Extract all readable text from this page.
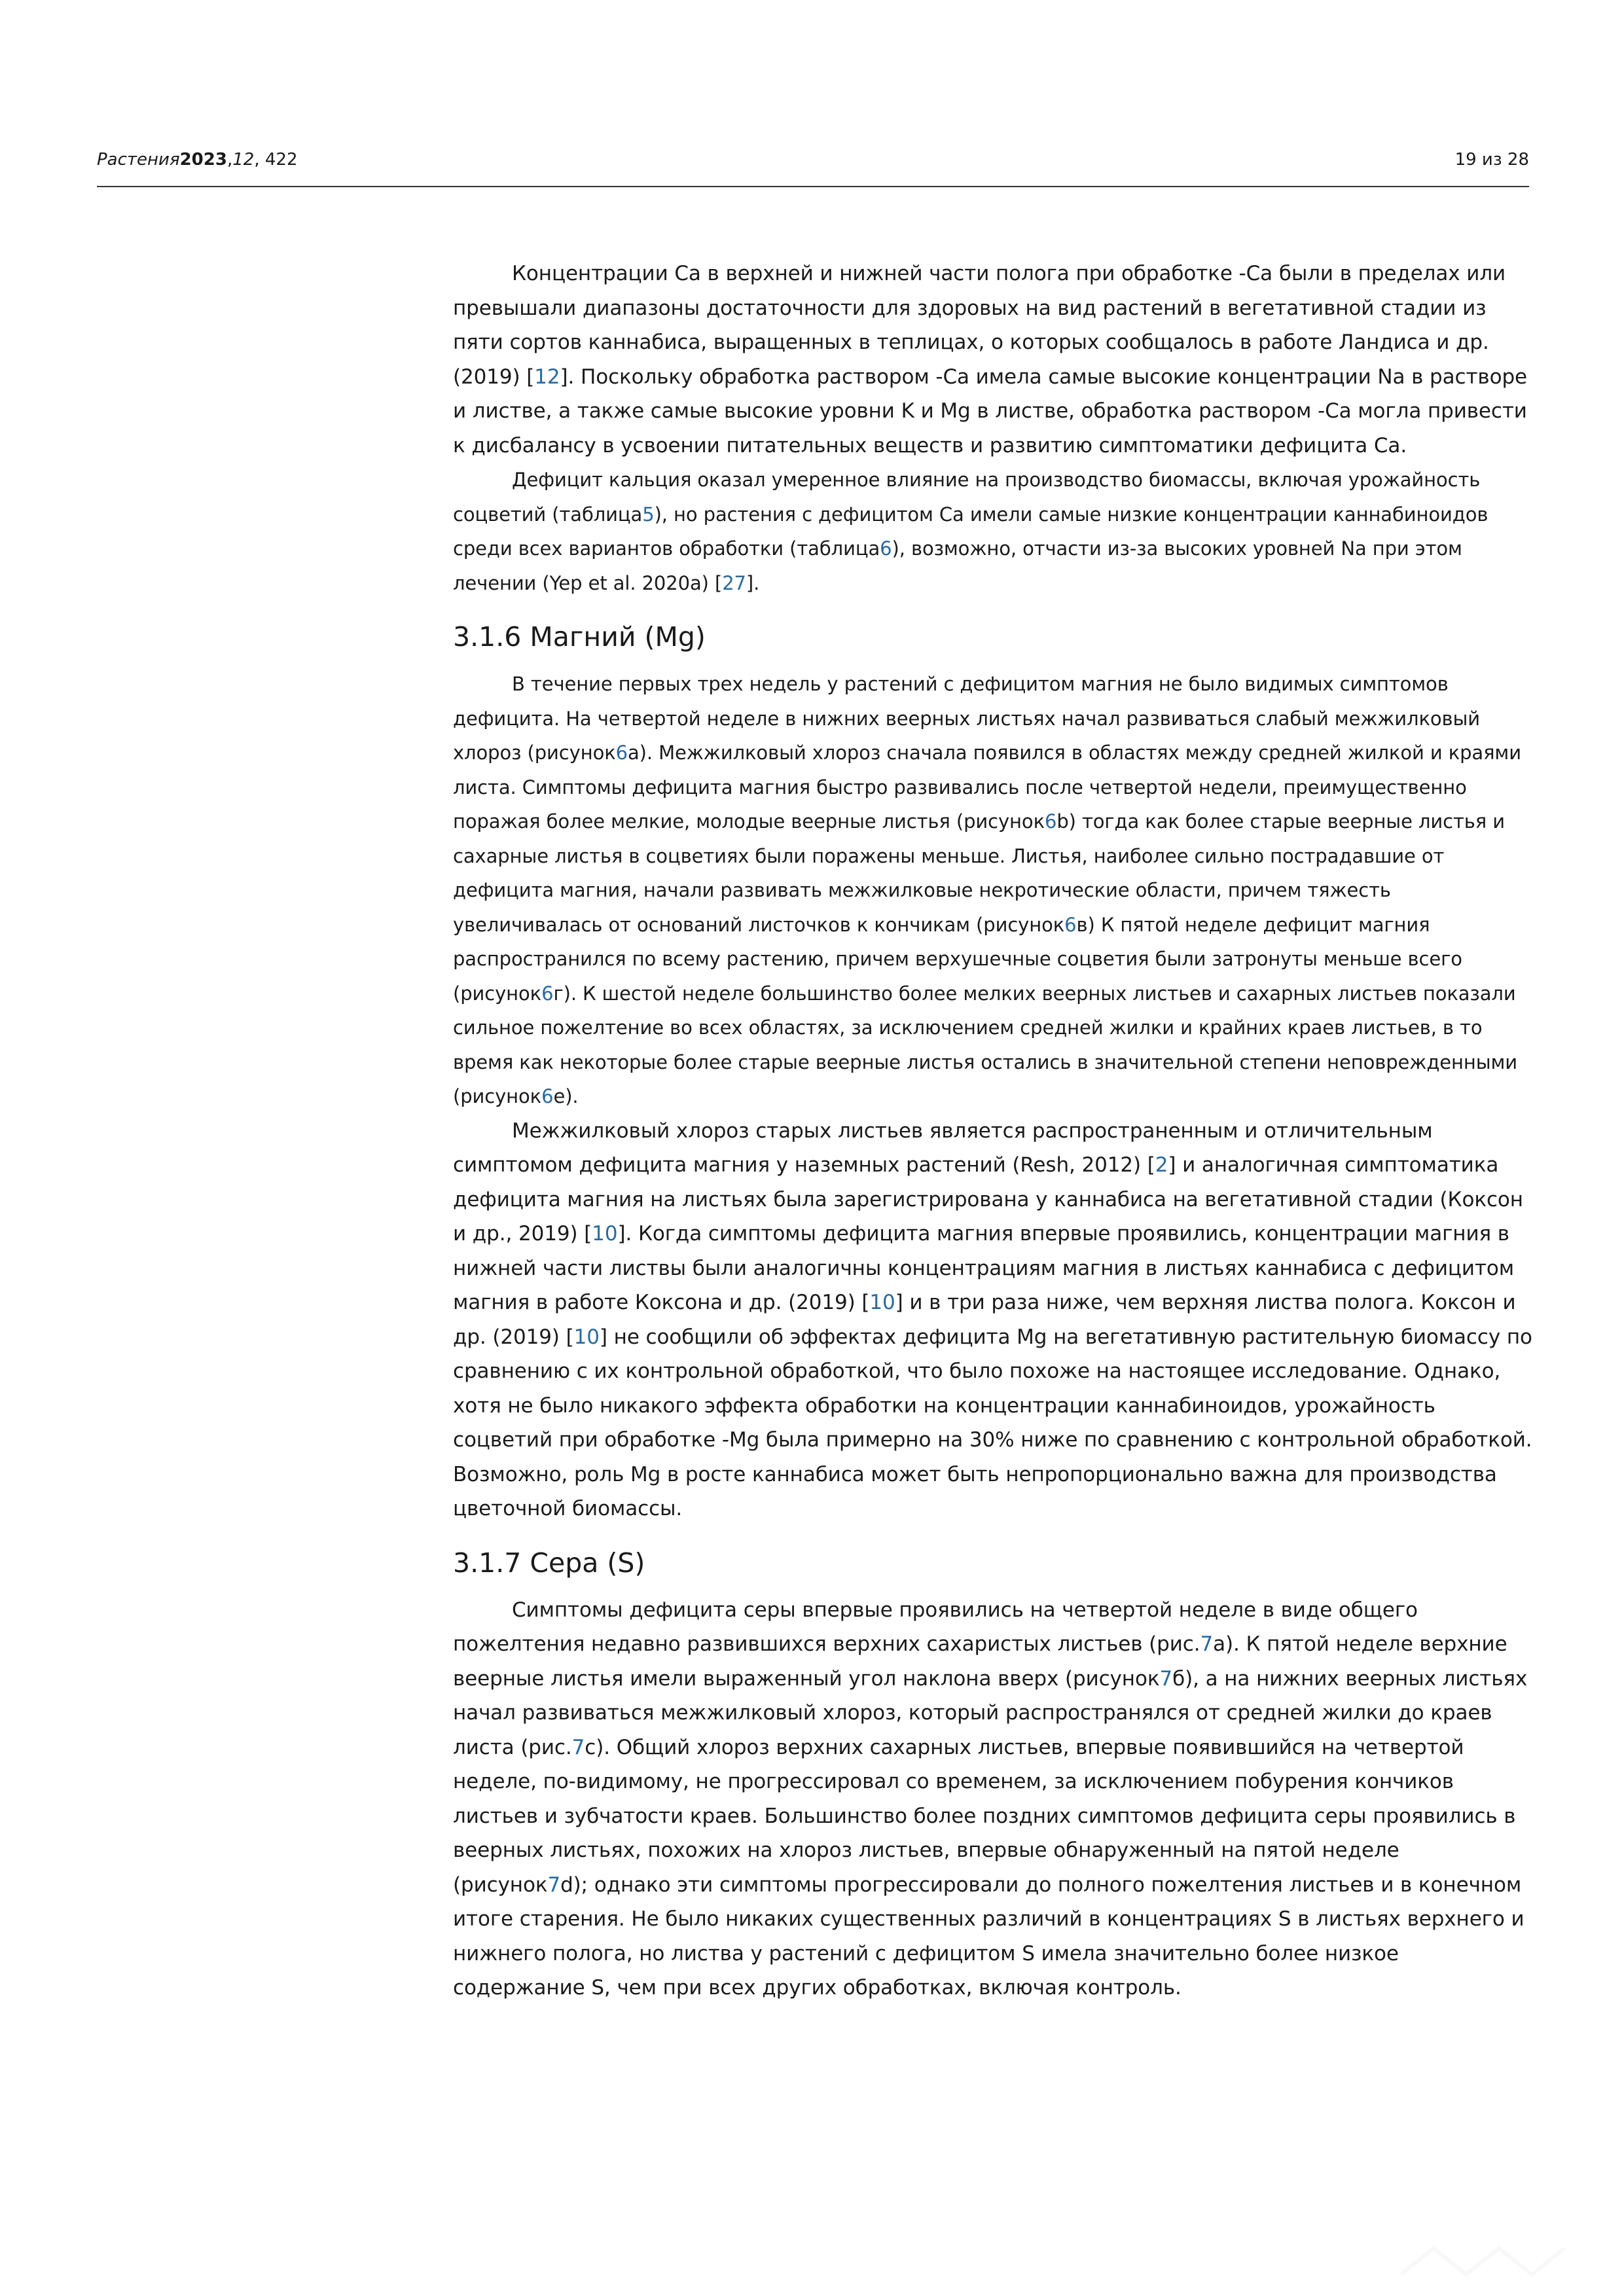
Растения2023,12, 422	19 из 28

Концентрации Ca в верхней и нижней части полога при обработке -Ca были в пределах или превышали диапазоны достаточности для здоровых на вид растений в вегетативной стадии из пяти сортов каннабиса, выращенных в теплицах, о которых сообщалось в работе Ландиса и др. (2019) [12]. Поскольку обработка раствором -Ca имела самые высокие концентрации Na в растворе и листве, а также самые высокие уровни K и Mg в листве, обработка раствором -Ca могла привести к дисбалансу в усвоении питательных веществ и развитию симптоматики дефицита Ca.

Дефицит кальция оказал умеренное влияние на производство биомассы, включая урожайность соцветий (таблица5), но растения с дефицитом Ca имели самые низкие концентрации каннабиноидов среди всех вариантов обработки (таблица6), возможно, отчасти из-за высоких уровней Na при этом лечении (Yep et al. 2020a) [27].

3.1.6 Магний (Mg)

В течение первых трех недель у растений с дефицитом магния не было видимых симптомов дефицита. На четвертой неделе в нижних веерных листьях начал развиваться слабый межжилковый хлороз (рисунок6a). Межжилковый хлороз сначала появился в областях между средней жилкой и краями листа. Симптомы дефицита магния быстро развивались после четвертой недели, преимущественно поражая более мелкие, молодые веерные листья (рисунок6b) тогда как более старые веерные листья и сахарные листья в соцветиях были поражены меньше. Листья, наиболее сильно пострадавшие от дефицита магния, начали развивать межжилковые некротические области, причем тяжесть увеличивалась от оснований листочков к кончикам (рисунок6в) К пятой неделе дефицит магния распространился по всему растению, причем верхушечные соцветия были затронуты меньше всего (рисунок6г). К шестой неделе большинство более мелких веерных листьев и сахарных листьев показали сильное пожелтение во всех областях, за исключением средней жилки и крайних краев листьев, в то время как некоторые более старые веерные листья остались в значительной степени неповрежденными (рисунок6е).

Межжилковый хлороз старых листьев является распространенным и отличительным симптомом дефицита магния у наземных растений (Resh, 2012) [2] и аналогичная симптоматика дефицита магния на листьях была зарегистрирована у каннабиса на вегетативной стадии (Коксон и др., 2019) [10]. Когда симптомы дефицита магния впервые проявились, концентрации магния в нижней части листвы были аналогичны концентрациям магния в листьях каннабиса с дефицитом магния в работе Коксона и др. (2019) [10] и в три раза ниже, чем верхняя листва полога. Коксон и др. (2019) [10] не сообщили об эффектах дефицита Mg на вегетативную растительную биомассу по сравнению с их контрольной обработкой, что было похоже на настоящее исследование. Однако, хотя не было никакого эффекта обработки на концентрации каннабиноидов, урожайность соцветий при обработке -Mg была примерно на 30% ниже по сравнению с контрольной обработкой. Возможно, роль Mg в росте каннабиса может быть непропорционально важна для производства цветочной биомассы.

3.1.7 Сера (S)

Симптомы дефицита серы впервые проявились на четвертой неделе в виде общего пожелтения недавно развившихся верхних сахаристых листьев (рис.7a). К пятой неделе верхние веерные листья имели выраженный угол наклона вверх (рисунок7б), а на нижних веерных листьях начал развиваться межжилковый хлороз, который распространялся от средней жилки до краев листа (рис.7c). Общий хлороз верхних сахарных листьев, впервые появившийся на четвертой неделе, по-видимому, не прогрессировал со временем, за исключением побурения кончиков листьев и зубчатости краев. Большинство более поздних симптомов дефицита серы проявились в веерных листьях, похожих на хлороз листьев, впервые обнаруженный на пятой неделе (рисунок7d); однако эти симптомы прогрессировали до полного пожелтения листьев и в конечном итоге старения. Не было никаких существенных различий в концентрациях S в листьях верхнего и нижнего полога, но листва у растений с дефицитом S имела значительно более низкое содержание S, чем при всех других обработках, включая контроль.
